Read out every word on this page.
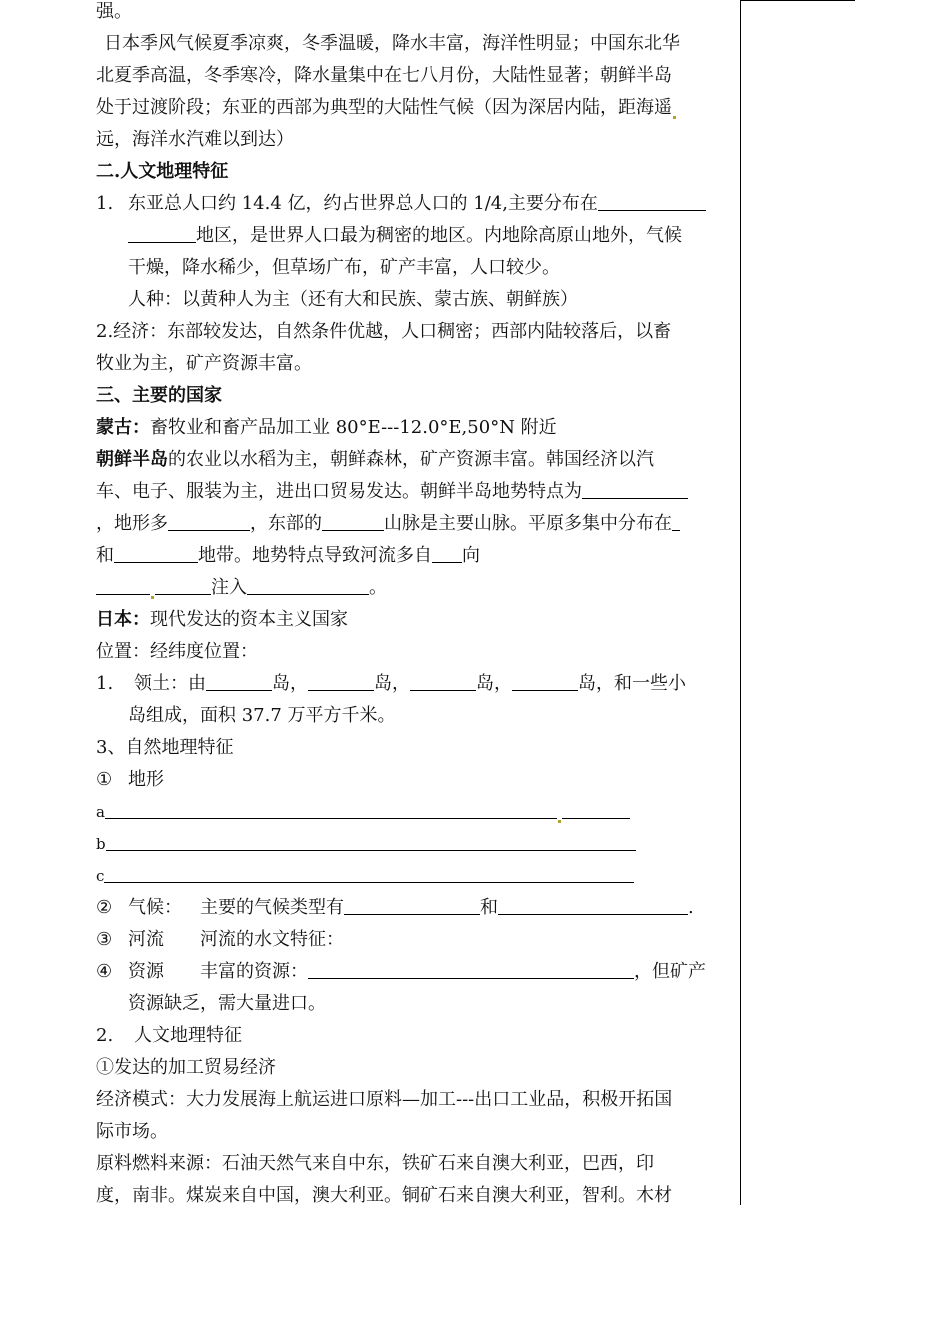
强。
日本季风气候夏季凉爽，冬季温暖，降水丰富，海洋性明显；中国东北华
北夏季高温，冬季寒冷，降水量集中在七八月份，大陆性显著；朝鲜半岛
处于过渡阶段；东亚的西部为典型的大陆性气候（因为深居内陆，距海遥
远，海洋水汽难以到达）
二.人文地理特征
1. 东亚总人口约 14.4 亿，约占世界总人口的 1/4,主要分布在
地区，是世界人口最为稠密的地区。内地除高原山地外，气候
干燥，降水稀少，但草场广布，矿产丰富，人口较少。
人种：以黄种人为主（还有大和民族、蒙古族、朝鲜族）
2.经济：东部较发达，自然条件优越，人口稠密；西部内陆较落后，以畜
牧业为主，矿产资源丰富。
三、主要的国家
蒙古：畜牧业和畜产品加工业 80°E---12.0°E,50°N 附近
朝鲜半岛的农业以水稻为主，朝鲜森林，矿产资源丰富。韩国经济以汽
车、电子、服装为主，进出口贸易发达。朝鲜半岛地势特点为
，地形多	，东部的	山脉是主要山脉。平原多集中分布在
和	地带。地势特点导致河流多自 向
注入	。
日本：现代发达的资本主义国家
位置：经纬度位置：
1. 领土：由	岛，	岛，	岛，	岛，和一些小
岛组成，面积 37.7 万平方千米。
3、自然地理特征
① 地形
a
b
c
② 气候：  主要的气候类型有	和	.
③ 河流   河流的水文特征：
④ 资源   丰富的资源：	，但矿产
资源缺乏，需大量进口。
2. 人文地理特征
①发达的加工贸易经济
经济模式：大力发展海上航运进口原料—加工---出口工业品，积极开拓国
际市场。
原料燃料来源：石油天然气来自中东，铁矿石来自澳大利亚，巴西，印
度，南非。煤炭来自中国，澳大利亚。铜矿石来自澳大利亚，智利。木材
